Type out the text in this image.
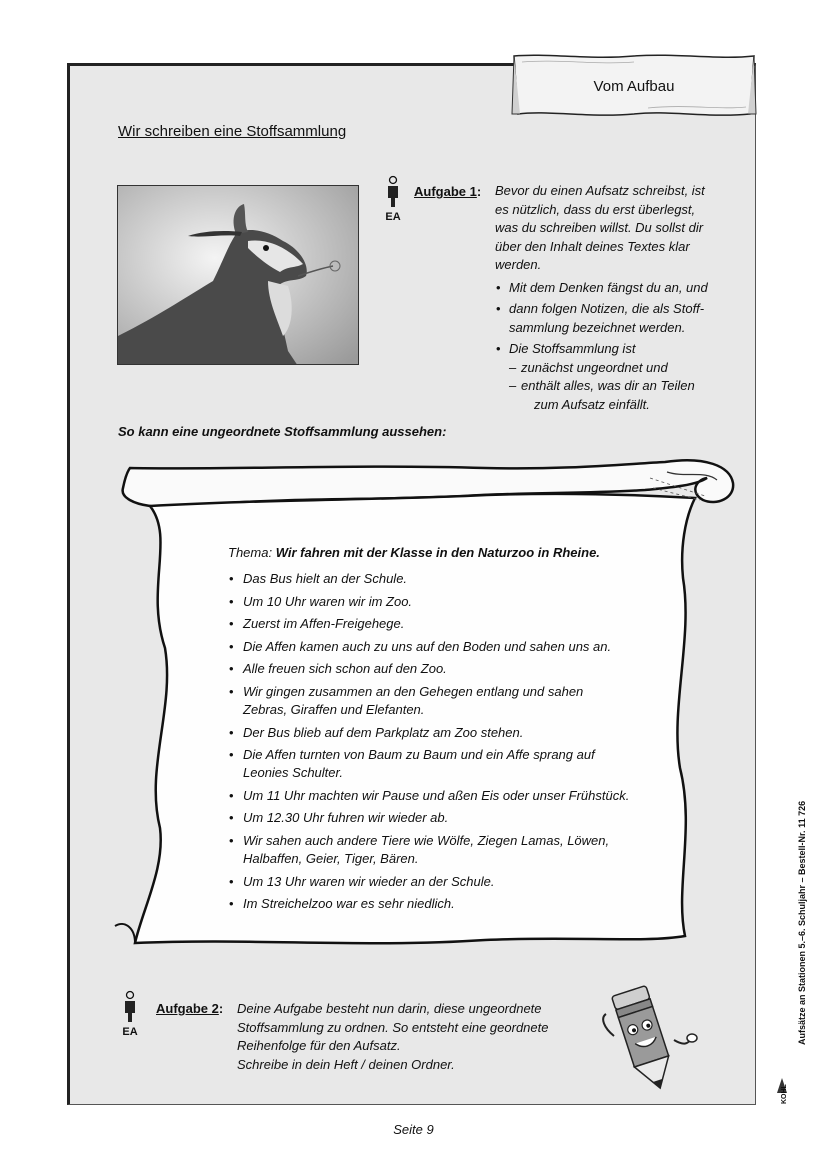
Vom Aufbau
Wir schreiben eine Stoffsammlung
EA
Aufgabe 1: Bevor du einen Aufsatz schreibst, ist
es nützlich, dass du erst überlegst,
was du schreiben willst. Du sollst dir
über den Inhalt deines Textes klar
werden.
• Mit dem Denken fängst du an, und
• dann folgen Notizen, die als Stoff-
sammlung bezeichnet werden.
• Die Stoffsammlung ist
– zunächst ungeordnet und
– enthält alles, was dir an Teilen
zum Aufsatz einfällt.
So kann eine ungeordnete Stoffsammlung aussehen:
Thema: Wir fahren mit der Klasse in den Naturzoo in Rheine.
• Das Bus hielt an der Schule.
• Um 10 Uhr waren wir im Zoo.
• Zuerst im Affen-Freigehege.
• Die Affen kamen auch zu uns auf den Boden und sahen uns an.
• Alle freuen sich schon auf den Zoo.
• Wir gingen zusammen an den Gehegen entlang und sahen
Zebras, Giraffen und Elefanten.
• Der Bus blieb auf dem Parkplatz am Zoo stehen.
• Die Affen turnten von Baum zu Baum und ein Affe sprang auf
Leonies Schulter.
• Um 11 Uhr machten wir Pause und aßen Eis oder unser Frühstück.
• Um 12.30 Uhr fuhren wir wieder ab.
• Wir sahen auch andere Tiere wie Wölfe, Ziegen Lamas, Löwen,
Halbaffen, Geier, Tiger, Bären.
• Um 13 Uhr waren wir wieder an der Schule.
• Im Streichelzoo war es sehr niedlich.
EA
Aufgabe 2: Deine Aufgabe besteht nun darin, diese ungeordnete
Stoffsammlung zu ordnen. So entsteht eine geordnete
Reihenfolge für den Aufsatz.
Schreibe in dein Heft / deinen Ordner.
Aufsätze an Stationen 5.–6. Schuljahr – Bestell-Nr. 11 726
KOHL
Seite 9
